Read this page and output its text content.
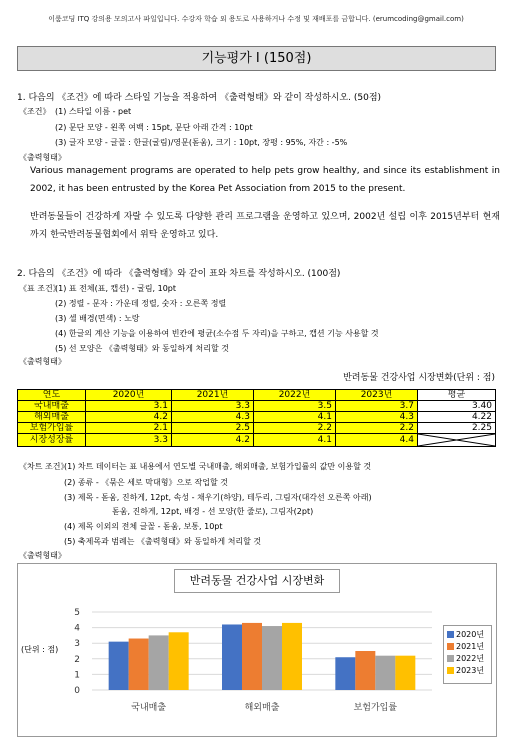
이룸코딩 ITQ 강의용 모의고사 파일입니다. 수강자 학습 외 용도로 사용하거나 수정 및 재배포를 금합니다. (erumcoding@gmail.com)
기능평가 I (150점)
1. 다음의 《조건》에 따라 스타일 기능을 적용하여 《출력형태》와 같이 작성하시오. (50점)
《조건》 (1) 스타일 이름 - pet
(2) 문단 모양 - 왼쪽 여백 : 15pt, 문단 아래 간격 : 10pt
(3) 글자 모양 - 글꼴 : 한글(굴림)/영문(돋움), 크기 : 10pt, 장평 : 95%, 자간 : -5%
《출력형태》
Various management programs are operated to help pets grow healthy, and since its establishment in 2002, it has been entrusted by the Korea Pet Association from 2015 to the present.
반려동물들이 건강하게 자랄 수 있도록 다양한 관리 프로그램을 운영하고 있으며, 2002년 설립 이후 2015년부터 현재까지 한국반려동물협회에서 위탁 운영하고 있다.
2. 다음의 《조건》에 따라 《출력형태》와 같이 표와 차트를 작성하시오. (100점)
《표 조건》
(1) 표 전체(표, 캡션) - 굴림, 10pt
(2) 정렬 - 문자 : 가운데 정렬, 숫자 : 오른쪽 정렬
(3) 셀 배경(면색) : 노랑
(4) 한글의 계산 기능을 이용하여 빈칸에 평균(소수점 두 자리)을 구하고, 캡션 기능 사용할 것
(5) 선 모양은 《출력형태》와 동일하게 처리할 것
《출력형태》
반려동물 건강사업 시장변화(단위 : 점)
연도	2020년	2021년	2022년	2023년	평균
국내매출	3.1	3.3	3.5	3.7	3.40
해외매출	4.2	4.3	4.1	4.3	4.22
보험가입률	2.1	2.5	2.2	2.2	2.25
시장성장률	3.3	4.2	4.1	4.4	
《차트 조건》
(1) 차트 데이터는 표 내용에서 연도별 국내매출, 해외매출, 보험가입률의 값만 이용할 것
(2) 종류 - 《묶은 세로 막대형》으로 작업할 것
(3) 제목 - 돋움, 진하게, 12pt, 속성 - 채우기(하양), 테두리, 그림자(대각선 오른쪽 아래)
돋움, 진하게, 12pt, 배경 - 선 모양(한 줄로), 그림자(2pt)
(4) 제목 이외의 전체 글꼴 - 돋움, 보통, 10pt
(5) 축제목과 범례는 《출력형태》와 동일하게 처리할 것
《출력형태》
0
1
2
3
4
5
국내매출	해외매출	보험가입률
반려동물 건강사업 시장변화
(단위 : 점)
2020년
2021년
2022년
2023년
